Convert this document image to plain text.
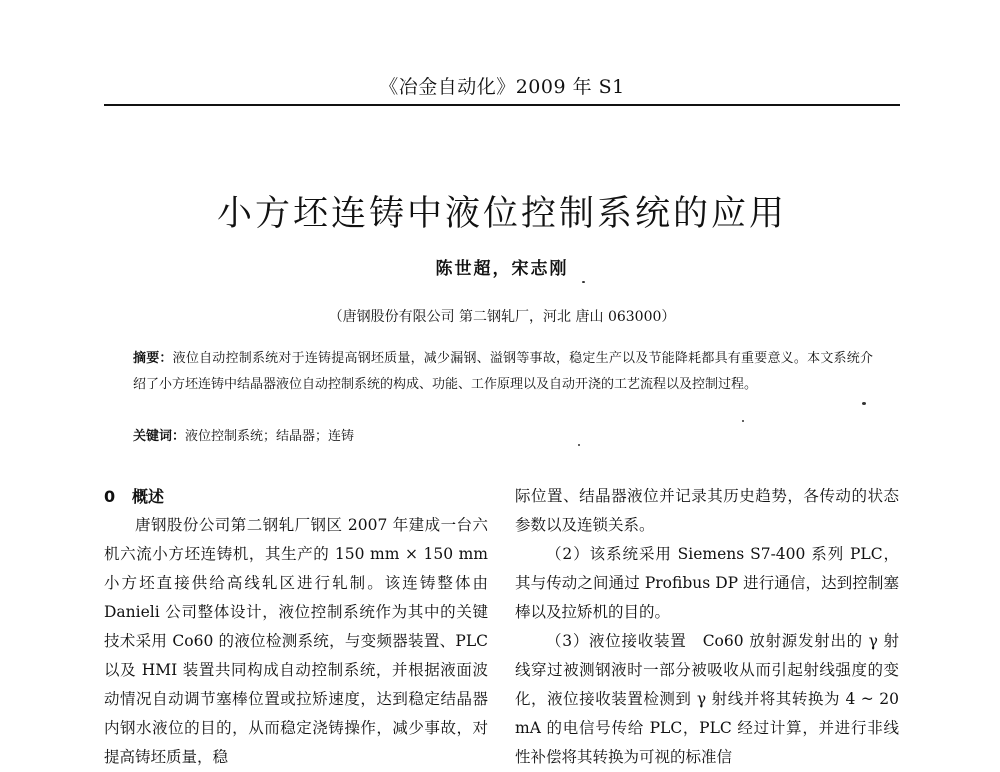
《冶金自动化》2009 年 S1
小方坯连铸中液位控制系统的应用
陈世超，宋志刚
（唐钢股份有限公司 第二钢轧厂，河北 唐山 063000）
摘要：液位自动控制系统对于连铸提高钢坯质量，减少漏钢、溢钢等事故，稳定生产以及节能降耗都具有重要意义。本文系统介绍了小方坯连铸中结晶器液位自动控制系统的构成、功能、工作原理以及自动开浇的工艺流程以及控制过程。
关键词：液位控制系统；结晶器；连铸
0 概述

唐钢股份公司第二钢轧厂钢区 2007 年建成一台六机六流小方坯连铸机，其生产的 150 mm × 150 mm 小方坯直接供给高线轧区进行轧制。该连铸整体由 Danieli 公司整体设计，液位控制系统作为其中的关键技术采用 Co60 的液位检测系统，与变频器装置、PLC 以及 HMI 装置共同构成自动控制系统，并根据液面波动情况自动调节塞棒位置或拉矫速度，达到稳定结晶器内钢水液位的目的，从而稳定浇铸操作，减少事故，对提高铸坯质量，稳

际位置、结晶器液位并记录其历史趋势，各传动的状态参数以及连锁关系。

（2）该系统采用 Siemens S7-400 系列 PLC，其与传动之间通过 Profibus DP 进行通信，达到控制塞棒以及拉矫机的目的。

（3）液位接收装置　Co60 放射源发射出的 γ 射线穿过被测钢液时一部分被吸收从而引起射线强度的变化，液位接收装置检测到 γ 射线并将其转换为 4 ~ 20 mA 的电信号传给 PLC，PLC 经过计算，并进行非线性补偿将其转换为可视的标准信
